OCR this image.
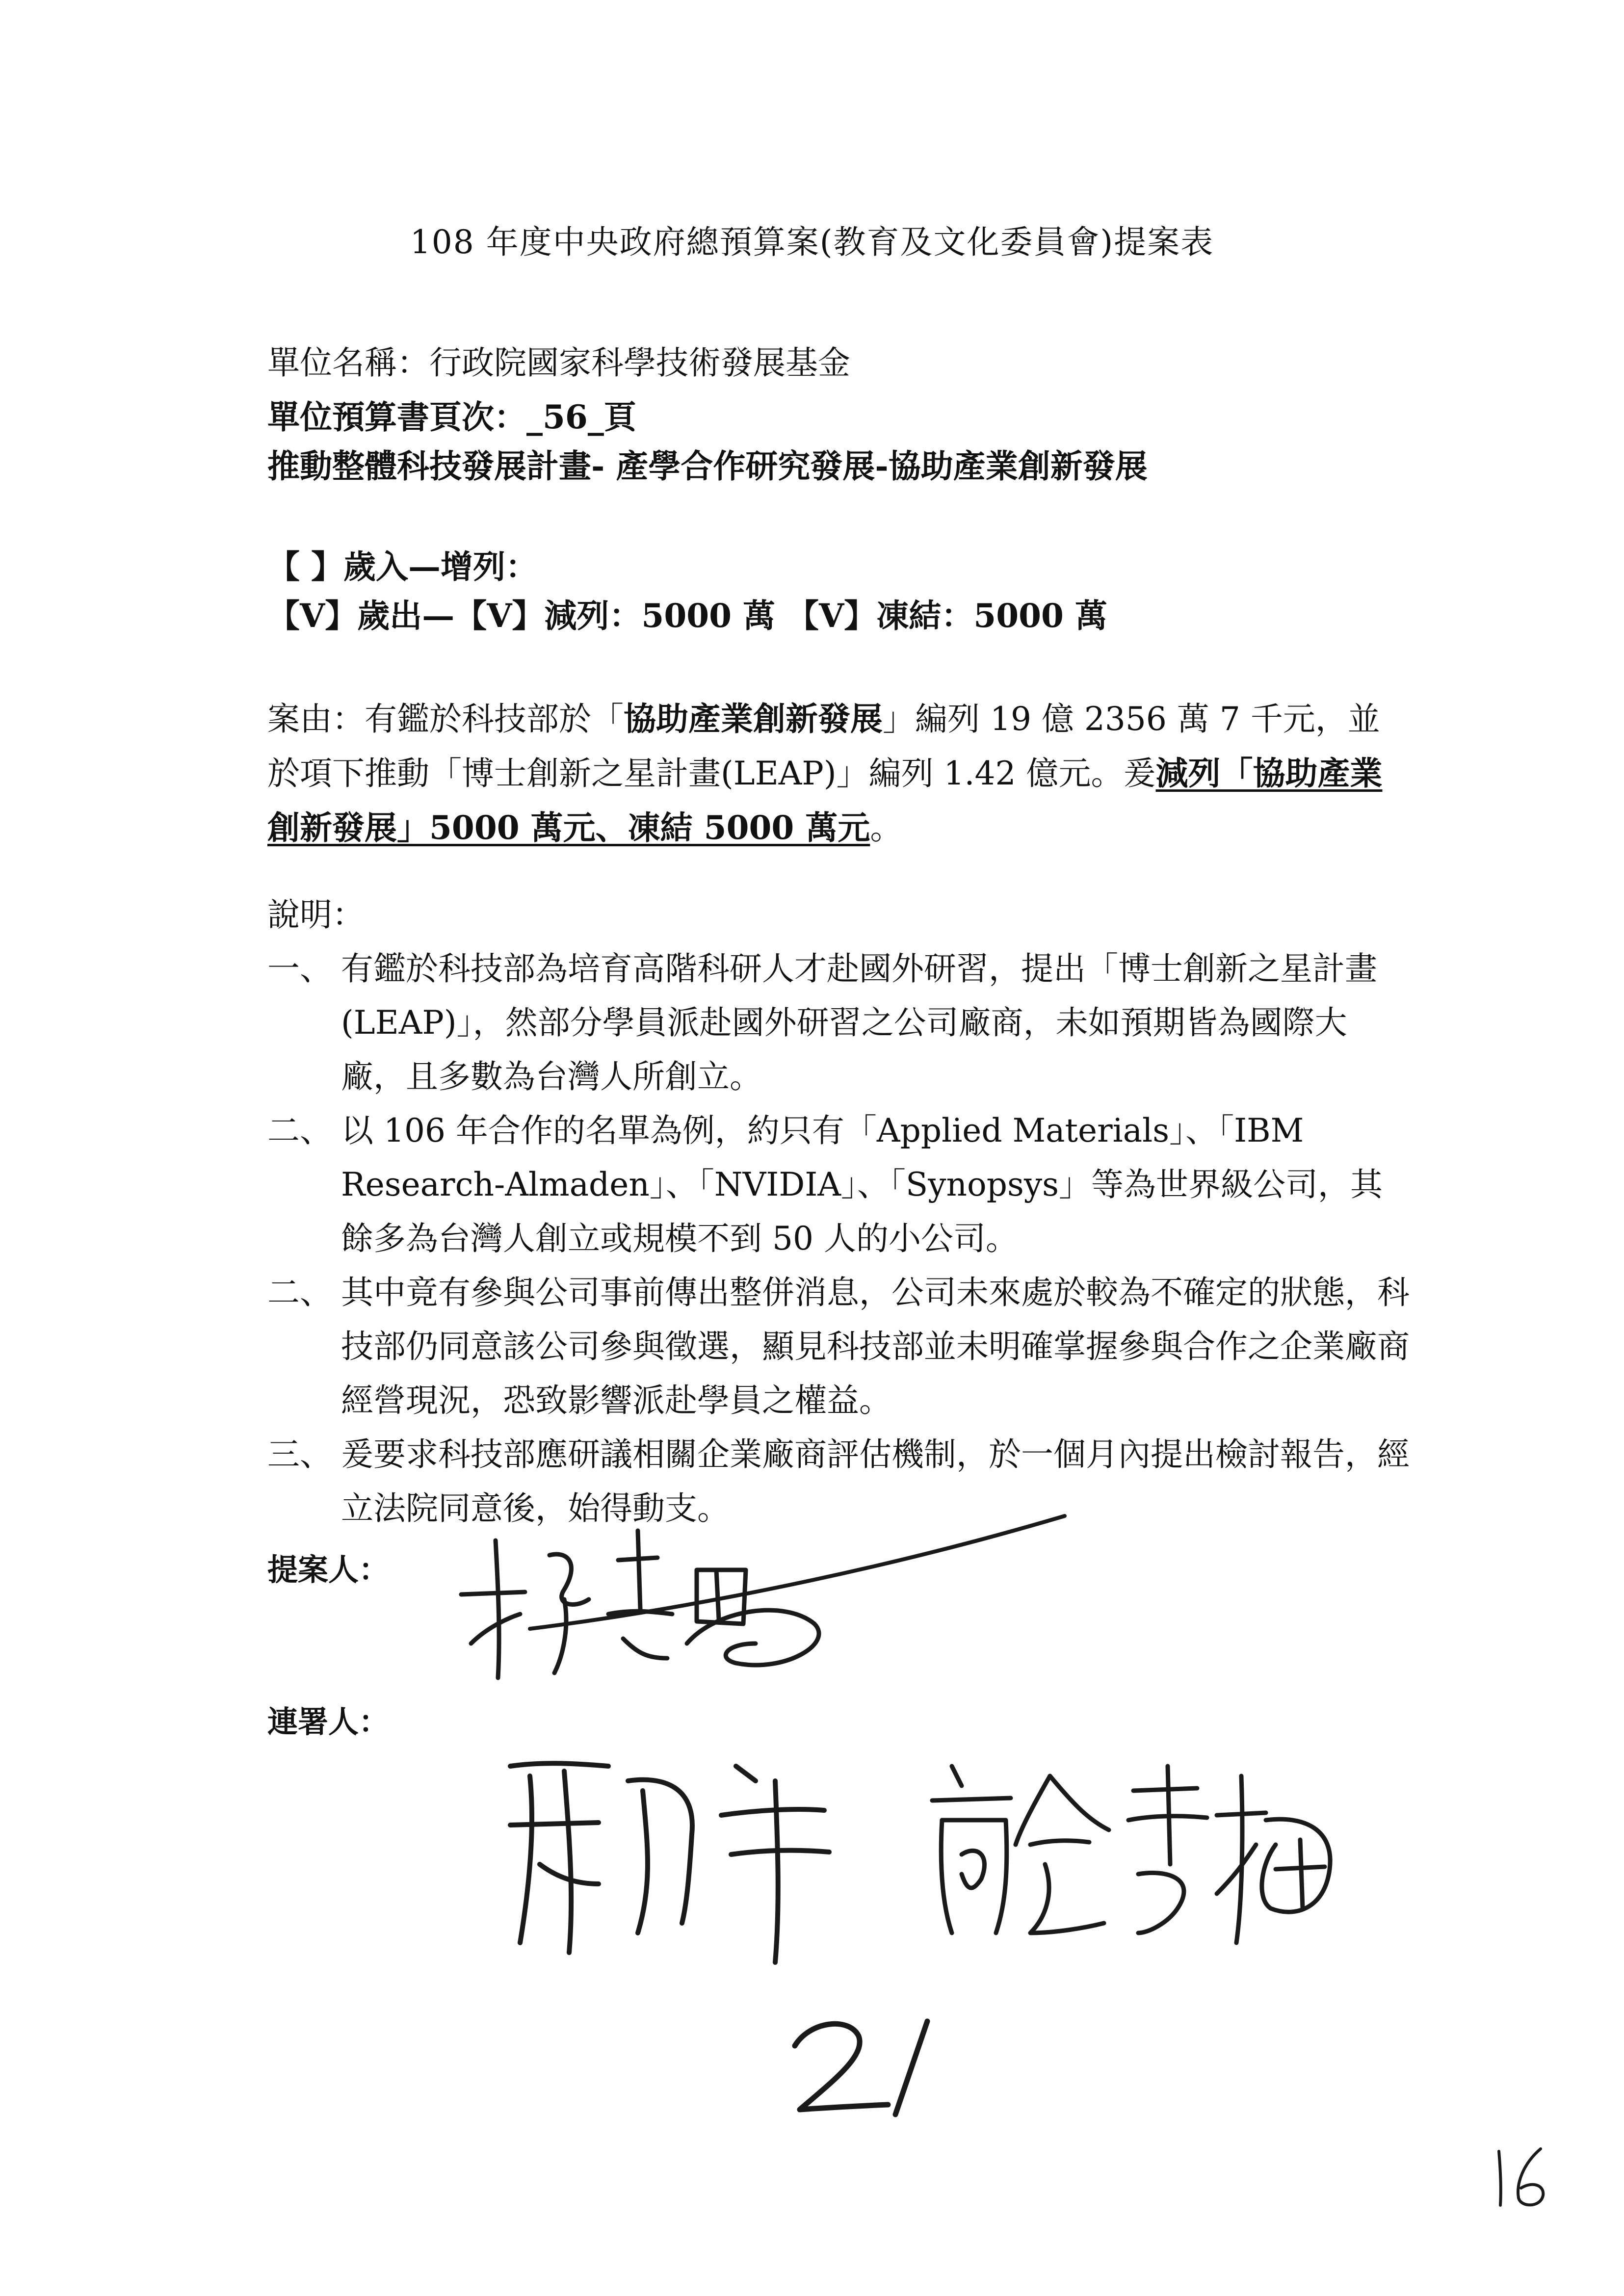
108 年度中央政府總預算案(教育及文化委員會)提案表
單位名稱：行政院國家科學技術發展基金
單位預算書頁次：_56_頁
推動整體科技發展計畫- 產學合作研究發展-協助產業創新發展
【 】歲入—增列：
【V】歲出—【V】減列：5000 萬 【V】凍結：5000 萬

案由：有鑑於科技部於「協助產業創新發展」編列 19 億 2356 萬 7 千元，並於項下推動「博士創新之星計畫(LEAP)」編列 1.42 億元。爰減列「協助產業創新發展」5000 萬元、凍結 5000 萬元。

說明：

一、 有鑑於科技部為培育高階科研人才赴國外研習，提出「博士創新之星計畫(LEAP)」，然部分學員派赴國外研習之公司廠商，未如預期皆為國際大廠，且多數為台灣人所創立。
二、 以 106 年合作的名單為例，約只有「Applied Materials」、「IBM Research-Almaden」、「NVIDIA」、「Synopsys」等為世界級公司，其餘多為台灣人創立或規模不到 50 人的小公司。
二、 其中竟有參與公司事前傳出整併消息，公司未來處於較為不確定的狀態，科技部仍同意該公司參與徵選，顯見科技部並未明確掌握參與合作之企業廠商經營現況，恐致影響派赴學員之權益。
三、 爰要求科技部應研議相關企業廠商評估機制，於一個月內提出檢討報告，經立法院同意後，始得動支。
提案人：
連署人：
